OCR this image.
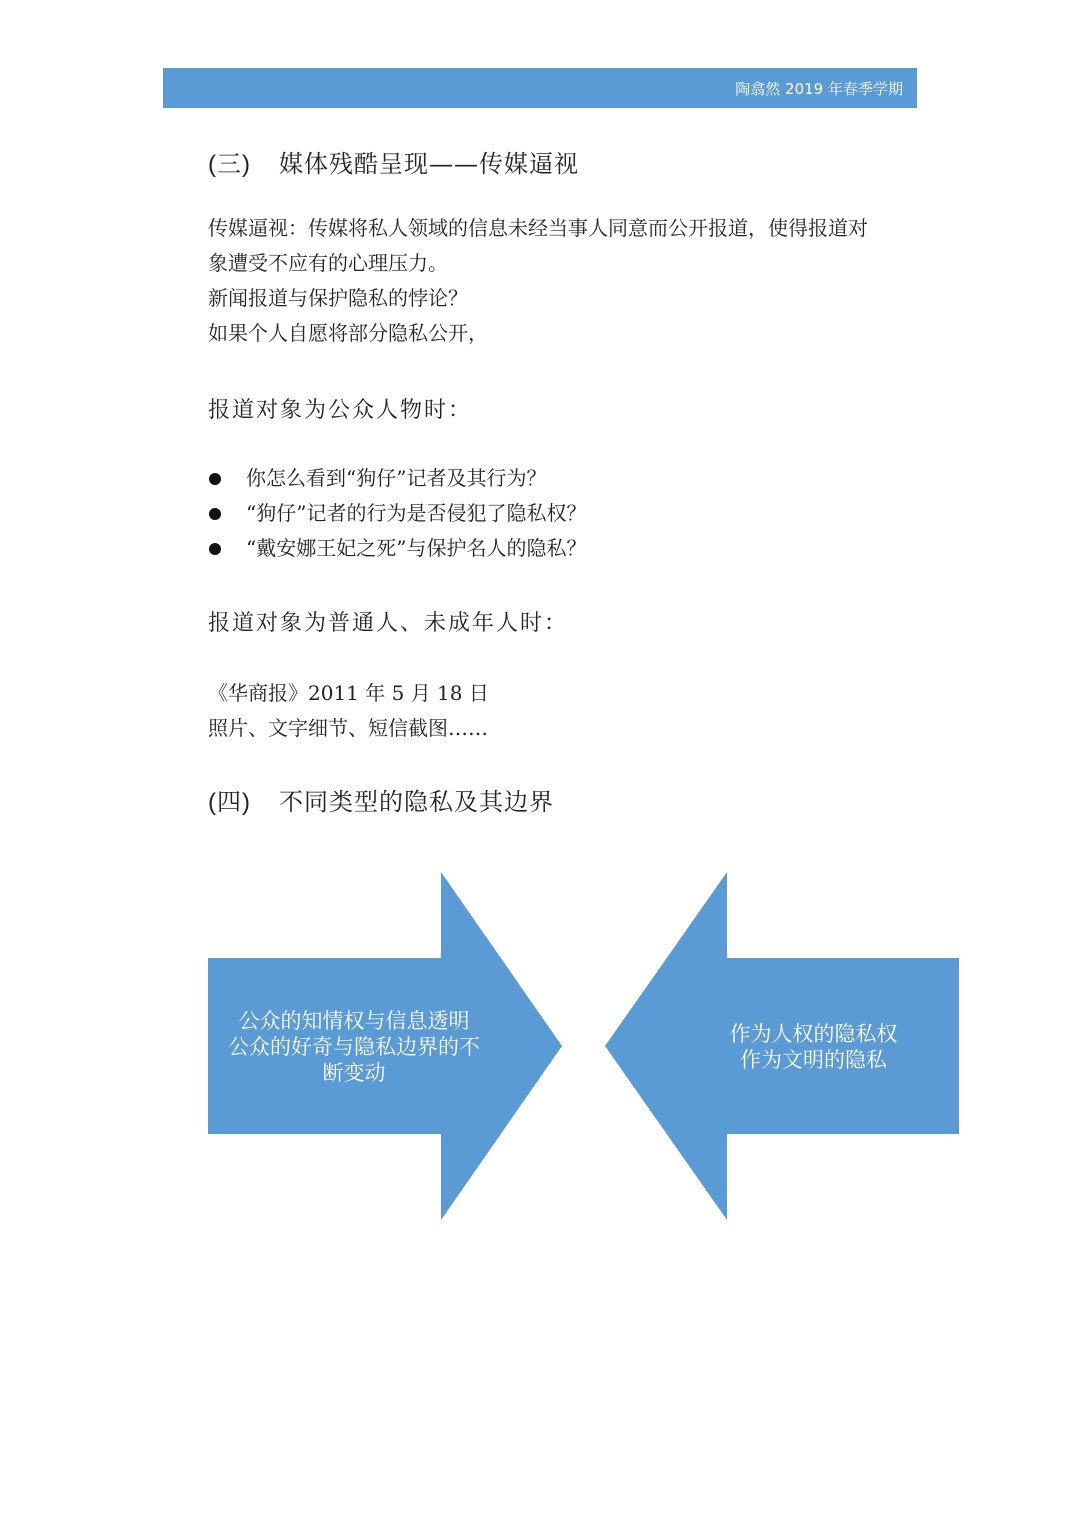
陶翕然 2019 年春季学期
(三) 媒体残酷呈现——传媒逼视
传媒逼视：传媒将私人领域的信息未经当事人同意而公开报道，使得报道对
象遭受不应有的心理压力。
新闻报道与保护隐私的悖论？
如果个人自愿将部分隐私公开，
报道对象为公众人物时：
你怎么看到“狗仔”记者及其行为？
“狗仔”记者的行为是否侵犯了隐私权？
“戴安娜王妃之死”与保护名人的隐私？
报道对象为普通人、未成年人时：
《华商报》2011 年 5 月 18 日
照片、文字细节、短信截图……
(四) 不同类型的隐私及其边界
公众的知情权与信息透明
公众的好奇与隐私边界的不
断变动
作为人权的隐私权
作为文明的隐私
